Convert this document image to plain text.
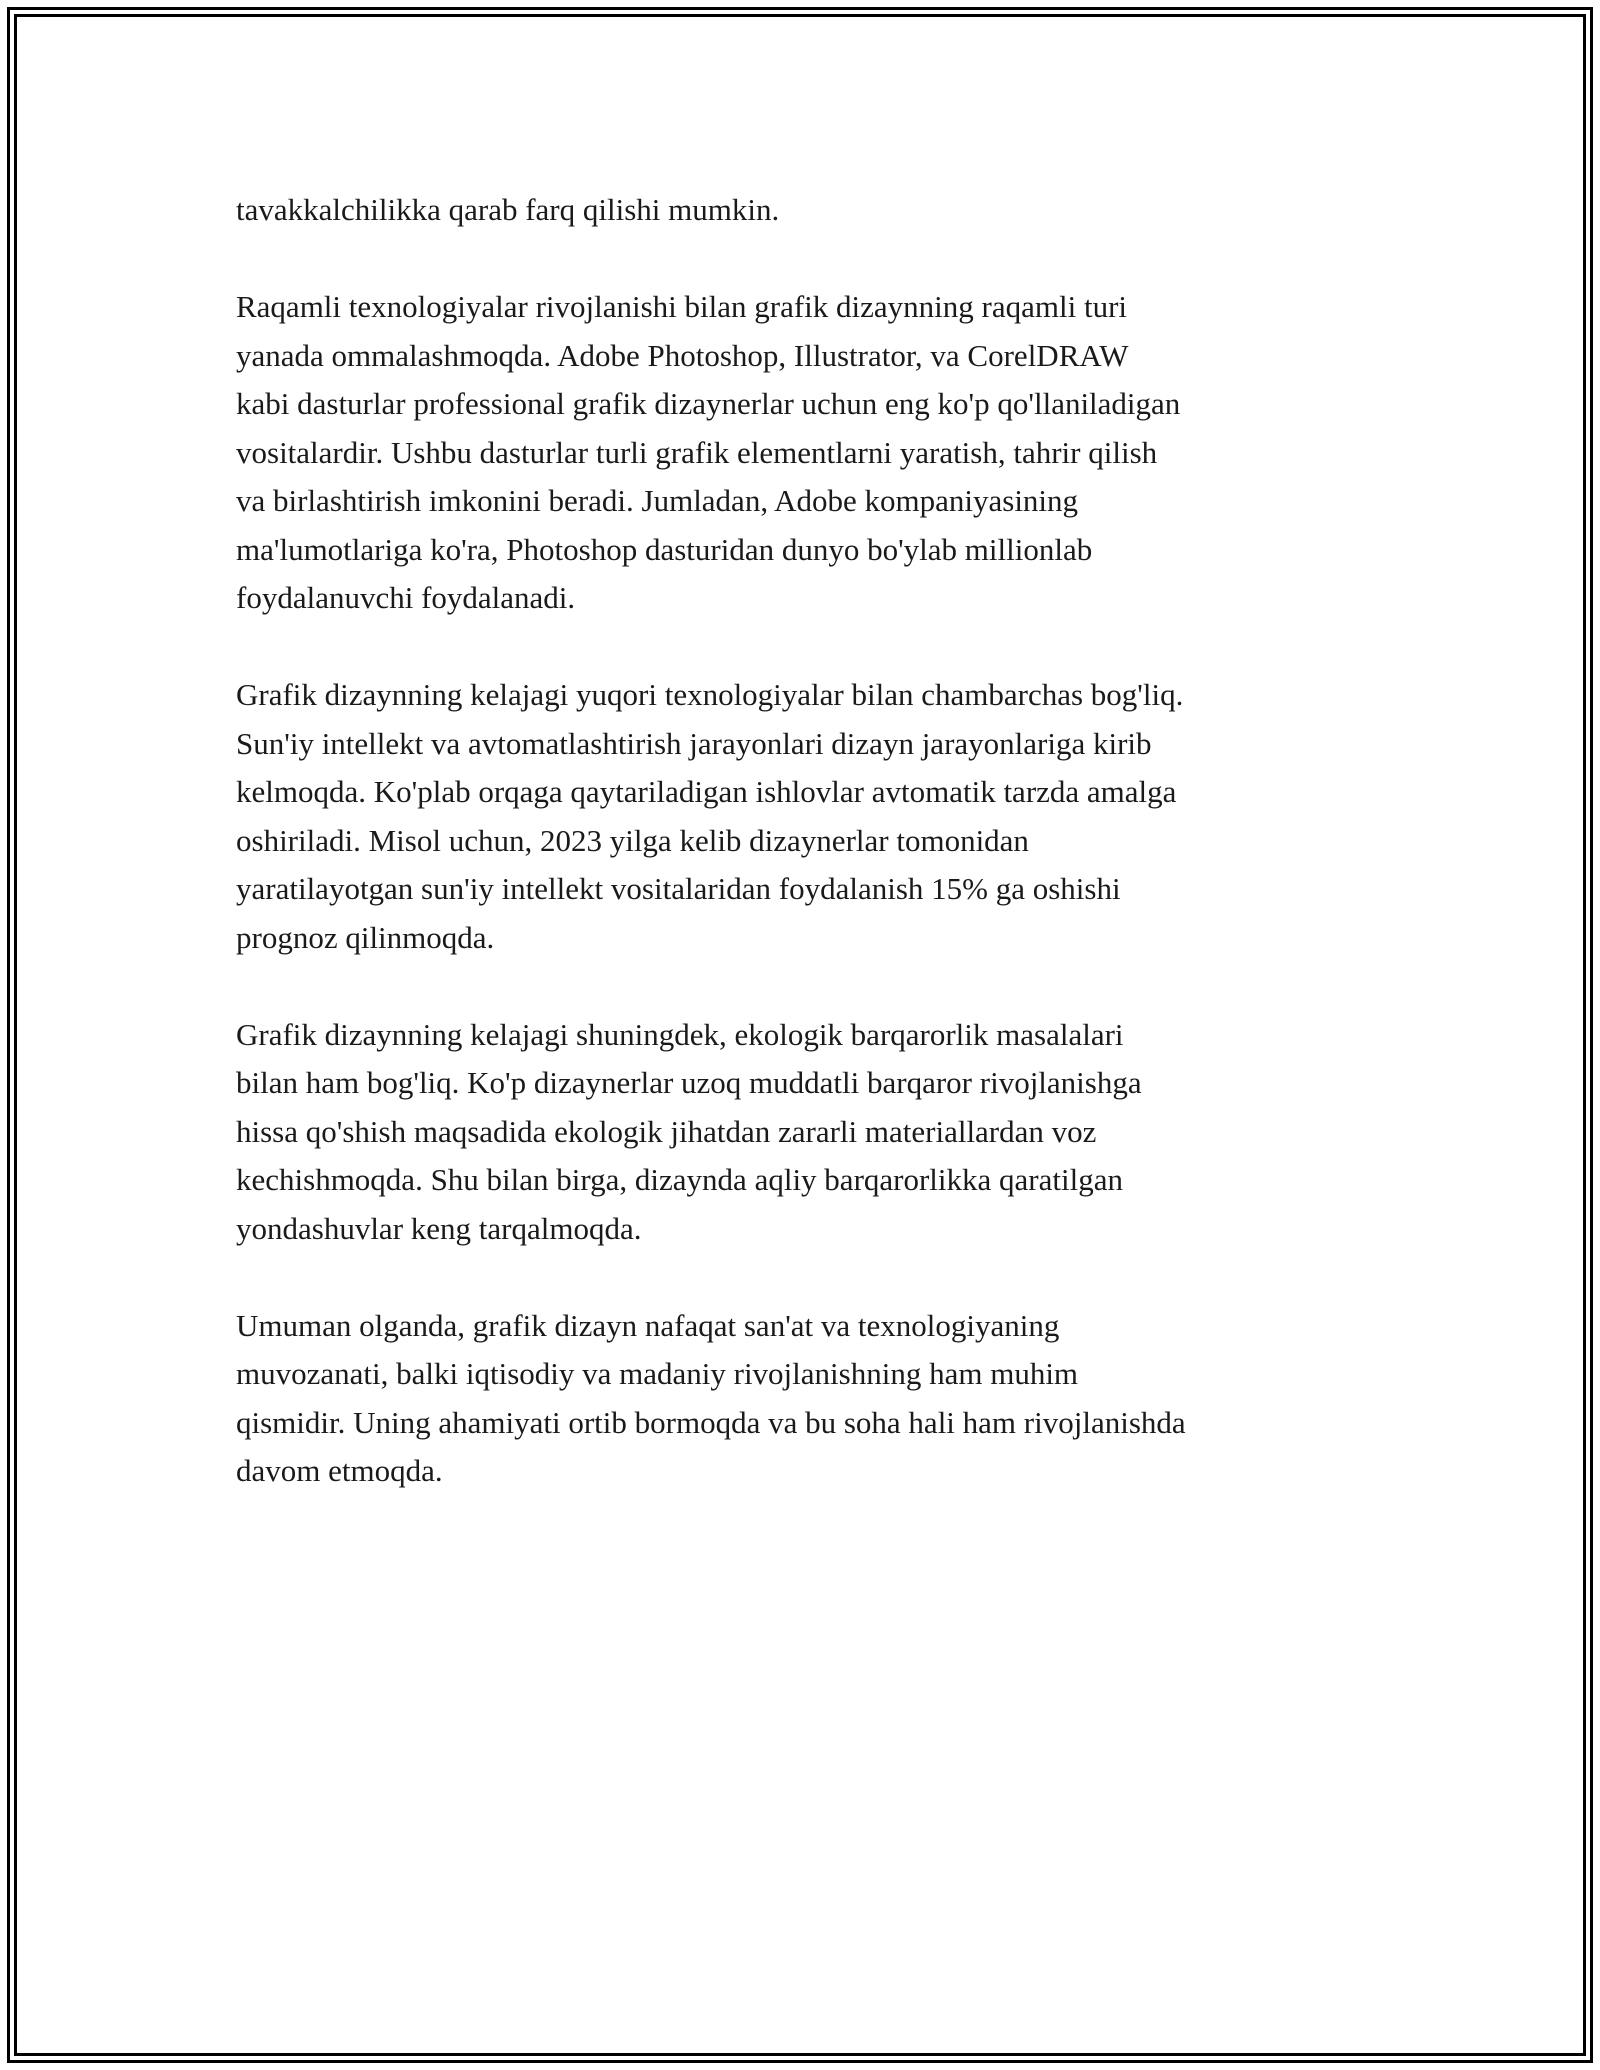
tavakkalchilikka qarab farq qilishi mumkin.

Raqamli texnologiyalar rivojlanishi bilan grafik dizaynning raqamli turi
yanada ommalashmoqda. Adobe Photoshop, Illustrator, va CorelDRAW
kabi dasturlar professional grafik dizaynerlar uchun eng ko'p qo'llaniladigan
vositalardir. Ushbu dasturlar turli grafik elementlarni yaratish, tahrir qilish
va birlashtirish imkonini beradi. Jumladan, Adobe kompaniyasining
ma'lumotlariga ko'ra, Photoshop dasturidan dunyo bo'ylab millionlab
foydalanuvchi foydalanadi.

Grafik dizaynning kelajagi yuqori texnologiyalar bilan chambarchas bog'liq.
Sun'iy intellekt va avtomatlashtirish jarayonlari dizayn jarayonlariga kirib
kelmoqda. Ko'plab orqaga qaytariladigan ishlovlar avtomatik tarzda amalga
oshiriladi. Misol uchun, 2023 yilga kelib dizaynerlar tomonidan
yaratilayotgan sun'iy intellekt vositalaridan foydalanish 15% ga oshishi
prognoz qilinmoqda.

Grafik dizaynning kelajagi shuningdek, ekologik barqarorlik masalalari
bilan ham bog'liq. Ko'p dizaynerlar uzoq muddatli barqaror rivojlanishga
hissa qo'shish maqsadida ekologik jihatdan zararli materiallardan voz
kechishmoqda. Shu bilan birga, dizaynda aqliy barqarorlikka qaratilgan
yondashuvlar keng tarqalmoqda.

Umuman olganda, grafik dizayn nafaqat san'at va texnologiyaning
muvozanati, balki iqtisodiy va madaniy rivojlanishning ham muhim
qismidir. Uning ahamiyati ortib bormoqda va bu soha hali ham rivojlanishda
davom etmoqda.
